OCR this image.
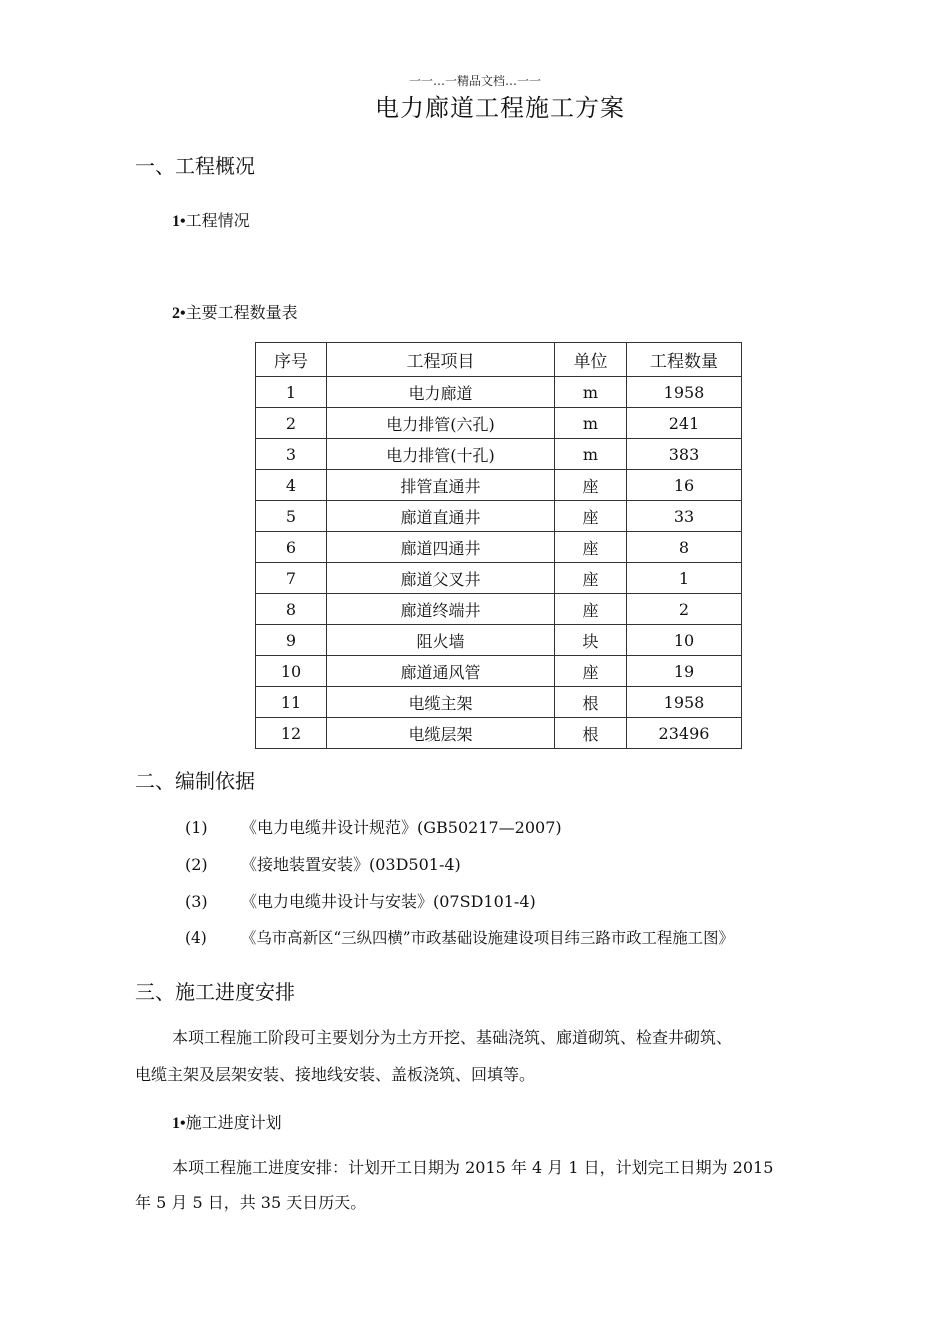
一一…一精品文档…一一
电力廊道工程施工方案
一、工程概况
1•工程情况
2•主要工程数量表
序号	工程项目	单位	工程数量
1	电力廊道	m	1958
2	电力排管(六孔)	m	241
3	电力排管(十孔)	m	383
4	排管直通井	座	16
5	廊道直通井	座	33
6	廊道四通井	座	8
7	廊道父叉井	座	1
8	廊道终端井	座	2
9	阻火墙	块	10
10	廊道通风管	座	19
11	电缆主架	根	1958
12	电缆层架	根	23496
二、编制依据
(1) 《电力电缆井设计规范》(GB50217—2007)
(2) 《接地装置安装》(03D501-4)
(3) 《电力电缆井设计与安装》(07SD101-4)
(4) 《乌市高新区“三纵四横”市政基础设施建设项目纬三路市政工程施工图》
三、施工进度安排
本项工程施工阶段可主要划分为土方开挖、基础浇筑、廊道砌筑、检查井砌筑、
电缆主架及层架安装、接地线安装、盖板浇筑、回填等。
1•施工进度计划
本项工程施工进度安排：计划开工日期为 2015 年 4 月 1 日，计划完工日期为 2015
年 5 月 5 日，共 35 天日历天。
